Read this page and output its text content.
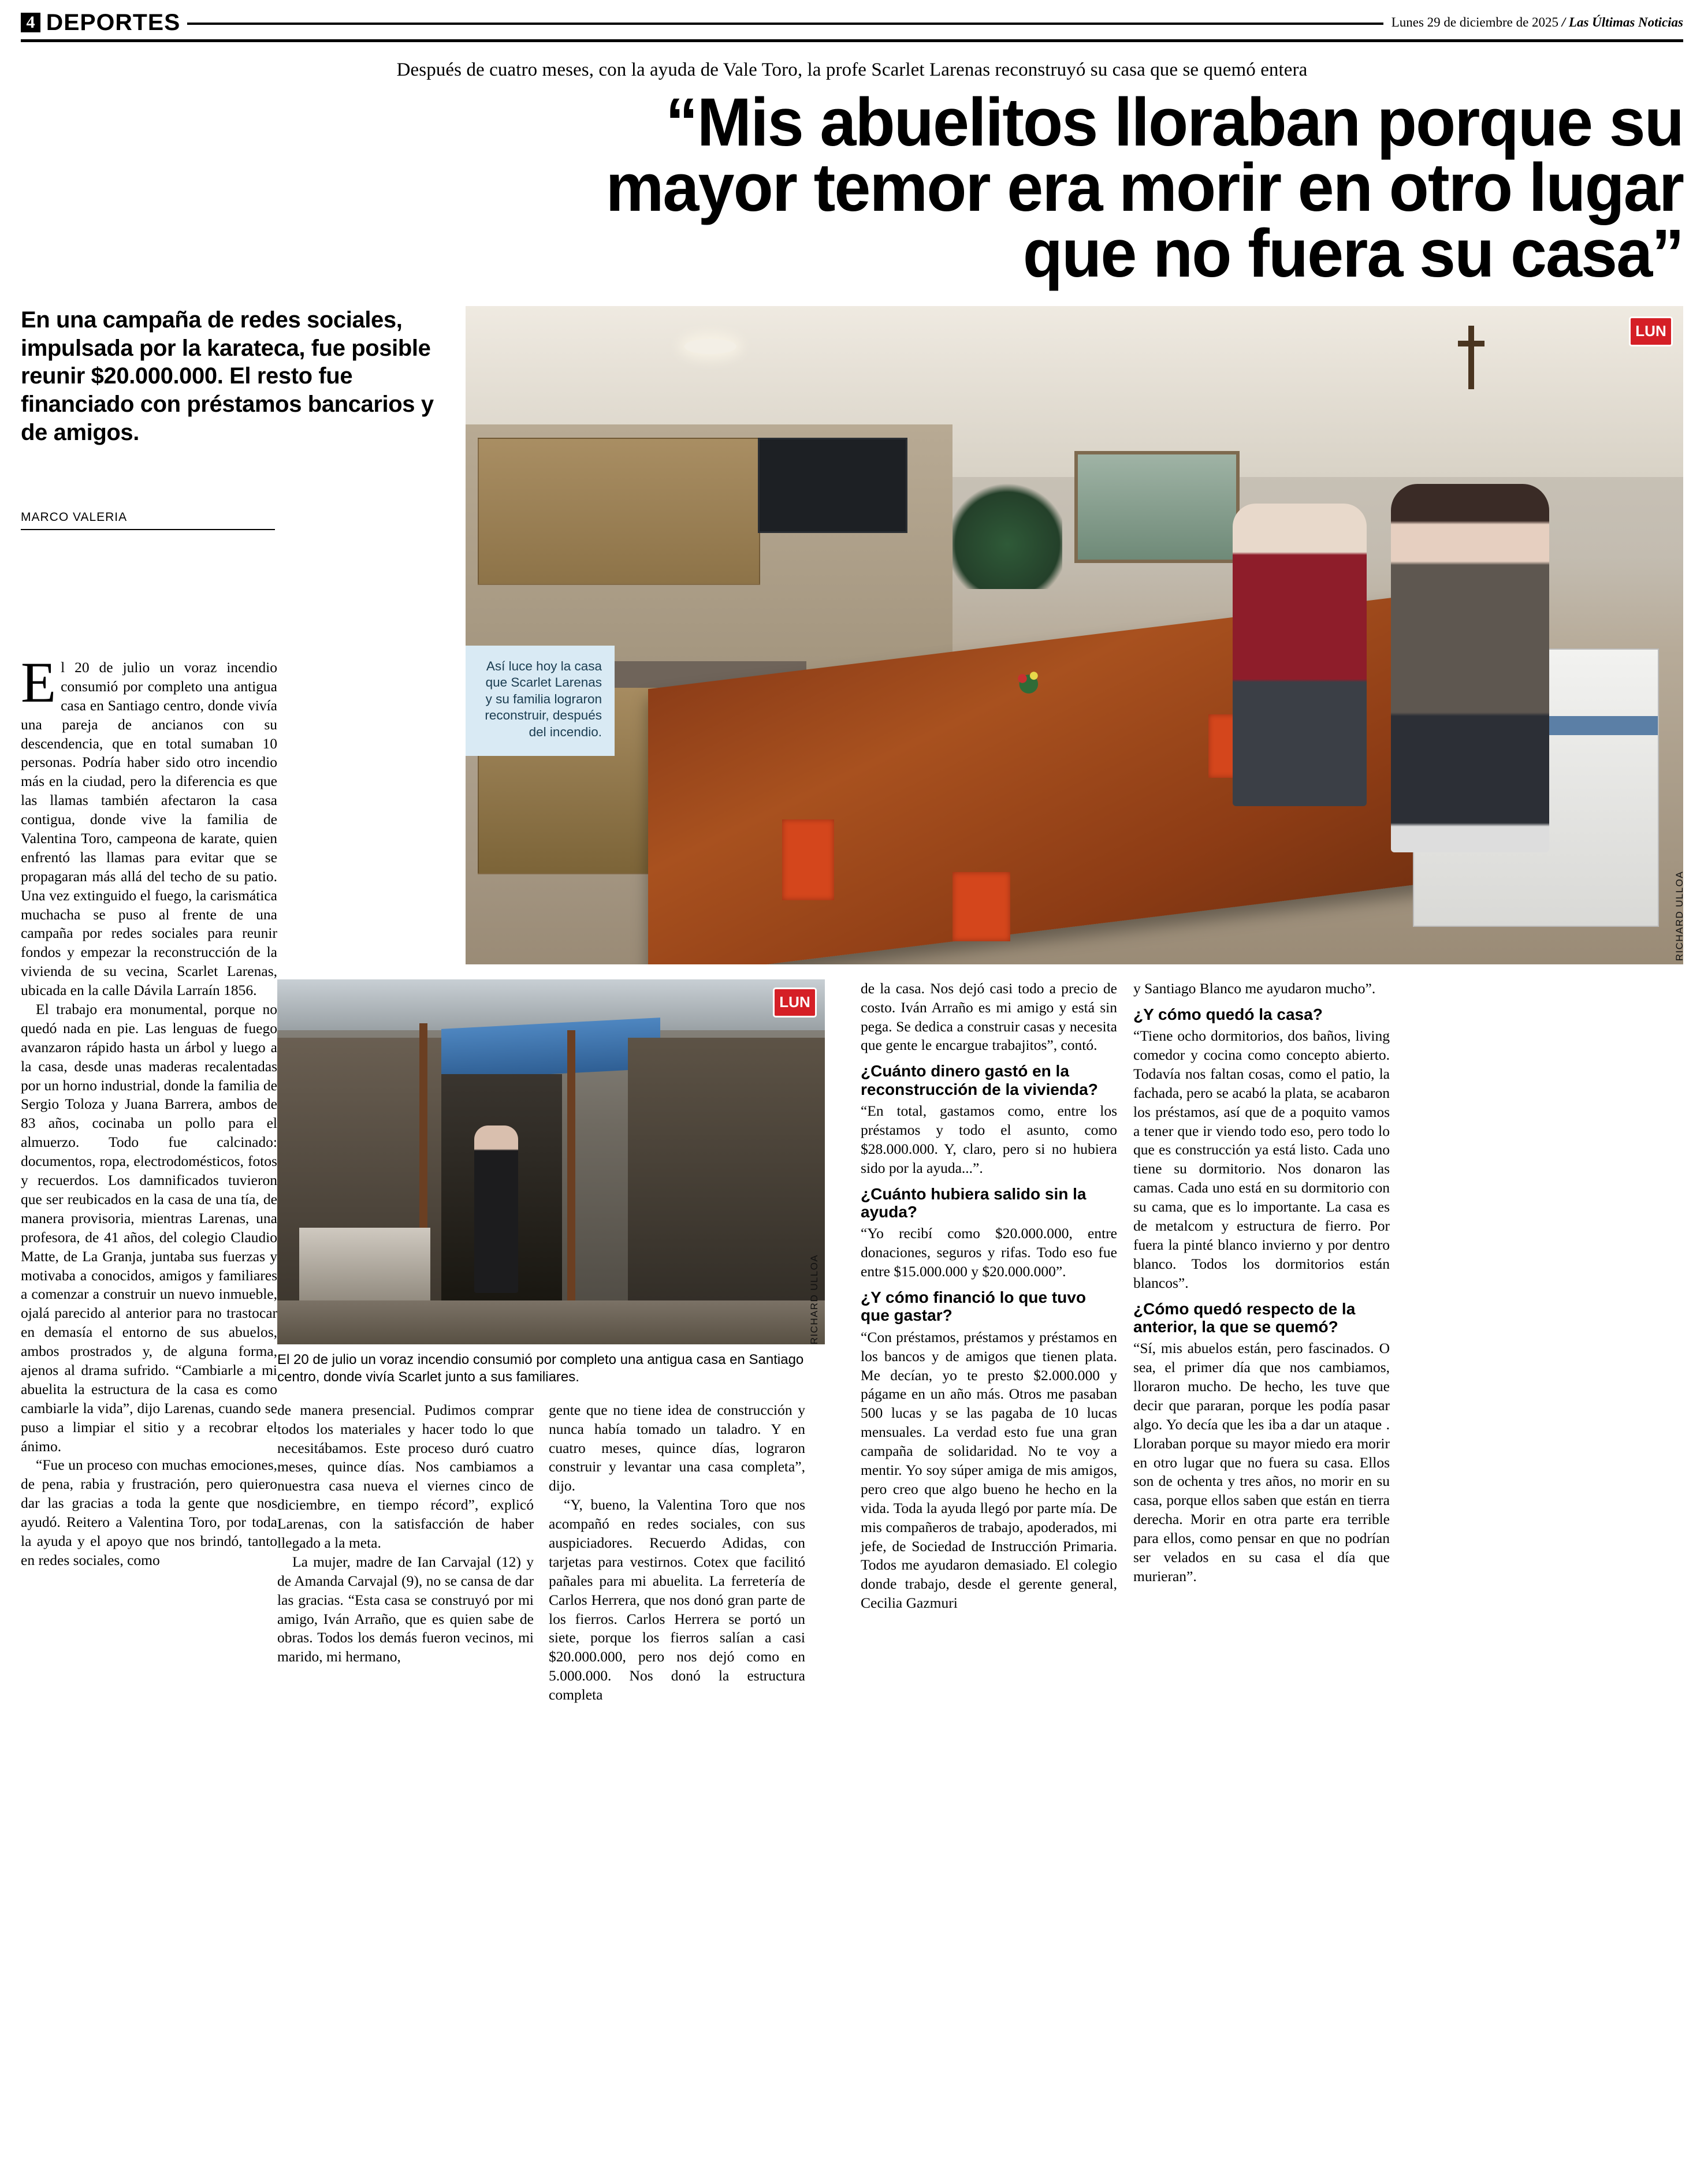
4 DEPORTES	Lunes 29 de diciembre de 2025 / Las Últimas Noticias
Después de cuatro meses, con la ayuda de Vale Toro, la profe Scarlet Larenas reconstruyó su casa que se quemó entera
“Mis abuelitos lloraban porque su
mayor temor era morir en otro lugar
que no fuera su casa”
En una campaña de redes sociales, impulsada por la karateca, fue posible reunir $20.000.000. El resto fue financiado con préstamos bancarios y de amigos.
MARCO VALERIA
LUN
RICHARD ULLOA
Así luce hoy la casa que Scarlet Larenas y su familia lograron reconstruir, después del incendio.

El 20 de julio un voraz incendio consumió por completo una antigua casa en Santiago centro, donde vivía una pareja de ancianos con su descendencia, que en total sumaban 10 personas. Podría haber sido otro incendio más en la ciudad, pero la diferencia es que las llamas también afectaron la casa contigua, donde vive la familia de Valentina Toro, campeona de karate, quien enfrentó las llamas para evitar que se propagaran más allá del techo de su patio. Una vez extinguido el fuego, la carismática muchacha se puso al frente de una campaña por redes sociales para reunir fondos y empezar la reconstrucción de la vivienda de su vecina, Scarlet Larenas, ubicada en la calle Dávila Larraín 1856.

El trabajo era monumental, porque no quedó nada en pie. Las lenguas de fuego avanzaron rápido hasta un árbol y luego a la casa, desde unas maderas recalentadas por un horno industrial, donde la familia de Sergio Toloza y Juana Barrera, ambos de 83 años, cocinaba un pollo para el almuerzo. Todo fue calcinado: documentos, ropa, electrodomésticos, fotos y recuerdos. Los damnificados tuvieron que ser reubicados en la casa de una tía, de manera provisoria, mientras Larenas, una profesora, de 41 años, del colegio Claudio Matte, de La Granja, juntaba sus fuerzas y motivaba a conocidos, amigos y familiares a comenzar a construir un nuevo inmueble, ojalá parecido al anterior para no trastocar en demasía el entorno de sus abuelos, ambos prostrados y, de alguna forma, ajenos al drama sufrido. “Cambiarle a mi abuelita la estructura de la casa es como cambiarle la vida”, dijo Larenas, cuando se puso a limpiar el sitio y a recobrar el ánimo.

“Fue un proceso con muchas emociones, de pena, rabia y frustración, pero quiero dar las gracias a toda la gente que nos ayudó. Reitero a Valentina Toro, por toda la ayuda y el apoyo que nos brindó, tanto en redes sociales, como

LUN
RICHARD ULLOA
El 20 de julio un voraz incendio consumió por completo una antigua casa en Santiago centro, donde vivía Scarlet junto a sus familiares.

de manera presencial. Pudimos comprar todos los materiales y hacer todo lo que necesitábamos. Este proceso duró cuatro meses, quince días. Nos cambiamos a nuestra casa nueva el viernes cinco de diciembre, en tiempo récord”, explicó Larenas, con la satisfacción de haber llegado a la meta.

La mujer, madre de Ian Carvajal (12) y de Amanda Carvajal (9), no se cansa de dar las gracias. “Esta casa se construyó por mi amigo, Iván Arraño, que es quien sabe de obras. Todos los demás fueron vecinos, mi marido, mi hermano,

gente que no tiene idea de construcción y nunca había tomado un taladro. Y en cuatro meses, quince días, lograron construir y levantar una casa completa”, dijo.

“Y, bueno, la Valentina Toro que nos acompañó en redes sociales, con sus auspiciadores. Recuerdo Adidas, con tarjetas para vestirnos. Cotex que facilitó pañales para mi abuelita. La ferretería de Carlos Herrera, que nos donó gran parte de los fierros. Carlos Herrera se portó un siete, porque los fierros salían a casi $20.000.000, pero nos dejó como en 5.000.000. Nos donó la estructura completa

de la casa. Nos dejó casi todo a precio de costo. Iván Arraño es mi amigo y está sin pega. Se dedica a construir casas y necesita que gente le encargue trabajitos”, contó.

¿Cuánto dinero gastó en la reconstrucción de la vivienda?

“En total, gastamos como, entre los préstamos y todo el asunto, como $28.000.000. Y, claro, pero si no hubiera sido por la ayuda...”.

¿Cuánto hubiera salido sin la ayuda?

“Yo recibí como $20.000.000, entre donaciones, seguros y rifas. Todo eso fue entre $15.000.000 y $20.000.000”.

¿Y cómo financió lo que tuvo que gastar?

“Con préstamos, préstamos y préstamos en los bancos y de amigos que tienen plata. Me decían, yo te presto $2.000.000 y págame en un año más. Otros me pasaban 500 lucas y se las pagaba de 10 lucas mensuales. La verdad esto fue una gran campaña de solidaridad. No te voy a mentir. Yo soy súper amiga de mis amigos, pero creo que algo bueno he hecho en la vida. Toda la ayuda llegó por parte mía. De mis compañeros de trabajo, apoderados, mi jefe, de Sociedad de Instrucción Primaria. Todos me ayudaron demasiado. El colegio donde trabajo, desde el gerente general, Cecilia Gazmuri

y Santiago Blanco me ayudaron mucho”.

¿Y cómo quedó la casa?

“Tiene ocho dormitorios, dos baños, living comedor y cocina como concepto abierto. Todavía nos faltan cosas, como el patio, la fachada, pero se acabó la plata, se acabaron los préstamos, así que de a poquito vamos a tener que ir viendo todo eso, pero todo lo que es construcción ya está listo. Cada uno tiene su dormitorio. Nos donaron las camas. Cada uno está en su dormitorio con su cama, que es lo importante. La casa es de metalcom y estructura de fierro. Por fuera la pinté blanco invierno y por dentro blanco. Todos los dormitorios están blancos”.

¿Cómo quedó respecto de la anterior, la que se quemó?

“Sí, mis abuelos están, pero fascinados. O sea, el primer día que nos cambiamos, lloraron mucho. De hecho, les tuve que decir que pararan, porque les podía pasar algo. Yo decía que les iba a dar un ataque . Lloraban porque su mayor miedo era morir en otro lugar que no fuera su casa. Ellos son de ochenta y tres años, no morir en su casa, porque ellos saben que están en tierra derecha. Morir en otra parte era terrible para ellos, como pensar en que no podrían ser velados en su casa el día que murieran”.
